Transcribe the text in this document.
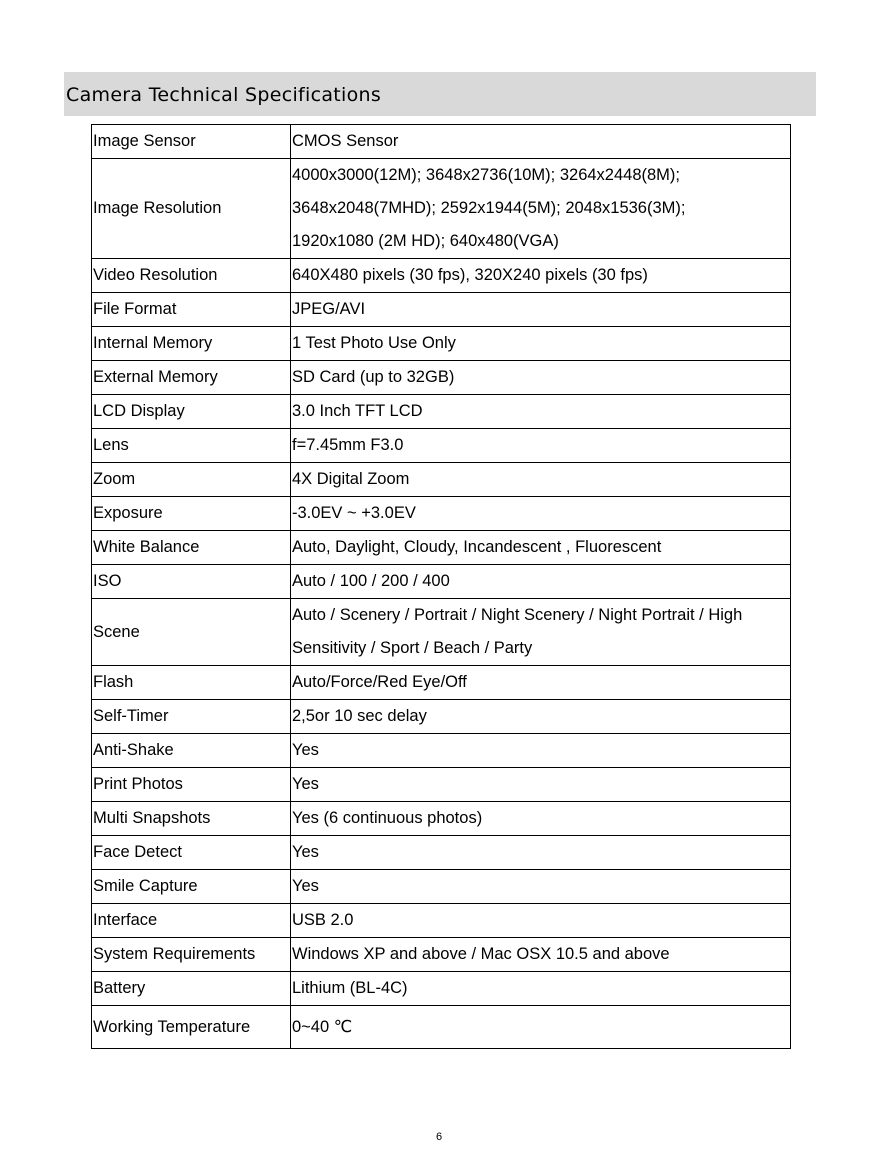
Camera Technical Specifications
Image Sensor	CMOS Sensor

Image Resolution	4000x3000(12M); 3648x2736(10M); 3264x2448(8M);
3648x2048(7MHD); 2592x1944(5M); 2048x1536(3M);
1920x1080 (2M HD); 640x480(VGA)

Video Resolution	640X480 pixels (30 fps), 320X240 pixels (30 fps)

File Format	JPEG/AVI

Internal Memory	1 Test Photo Use Only

External Memory	SD Card (up to 32GB)

LCD Display	3.0 Inch TFT LCD

Lens	f=7.45mm F3.0

Zoom	4X Digital Zoom

Exposure	-3.0EV ~ +3.0EV

White Balance	Auto, Daylight, Cloudy, Incandescent , Fluorescent

ISO	Auto / 100 / 200 / 400

Scene	Auto / Scenery / Portrait / Night Scenery / Night Portrait / High
Sensitivity / Sport / Beach / Party

Flash	Auto/Force/Red Eye/Off

Self-Timer	2,5or 10 sec delay

Anti-Shake	Yes

Print Photos	Yes

Multi Snapshots	Yes (6 continuous photos)

Face Detect	Yes

Smile Capture	Yes

Interface	USB 2.0

System Requirements	Windows XP and above / Mac OSX 10.5 and above

Battery	Lithium (BL-4C)

Working Temperature	0~40 ℃
6
